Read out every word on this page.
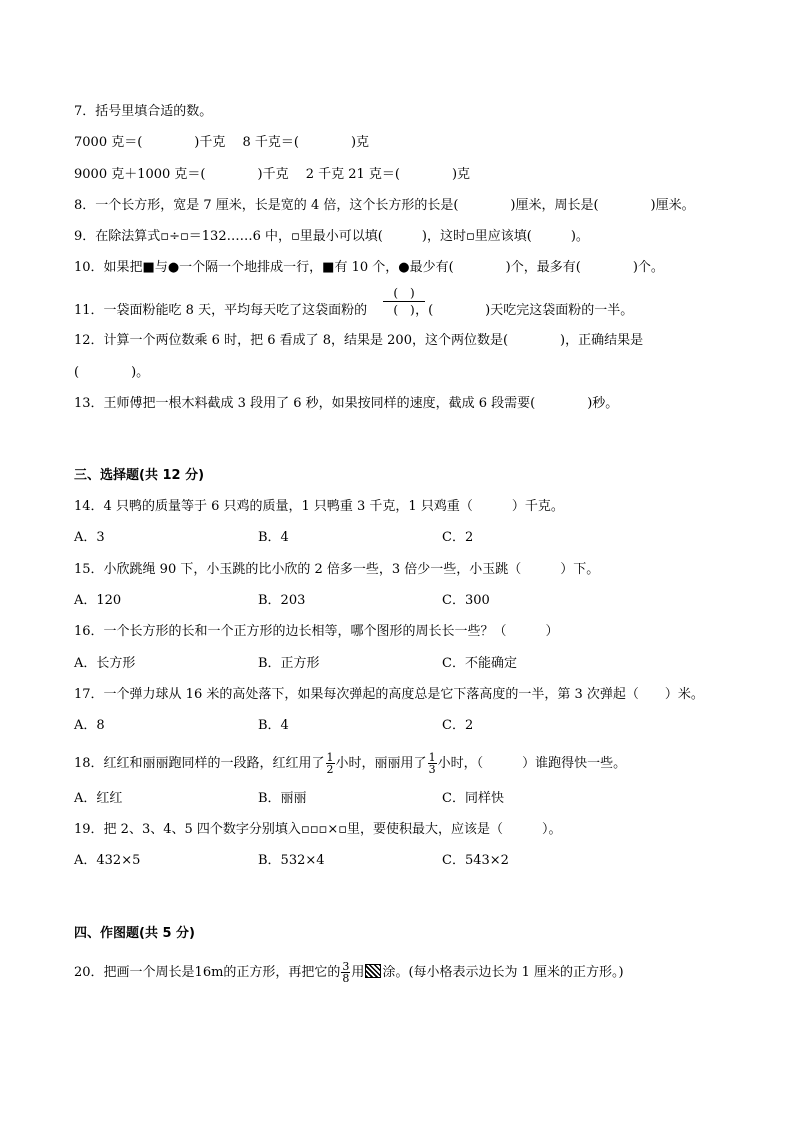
7．括号里填合适的数。
7000 克＝(　　　　)千克　 8 千克＝(　　　　)克
9000 克＋1000 克＝(　　　　)千克　 2 千克 21 克＝(　　　　)克
8．一个长方形，宽是 7 厘米，长是宽的 4 倍，这个长方形的长是(　　　　)厘米，周长是(　　　　)厘米。
9．在除法算式▫÷▫＝132……6 中，▫里最小可以填(　　　)，这时▫里应该填(　　　)。
10．如果把■与●一个隔一个地排成一行，■有 10 个，●最少有(　　　　)个，最多有(　　　　)个。
(　)
(　)
11．一袋面粉能吃 8 天，平均每天吃了这袋面粉的	，(　　　　)天吃完这袋面粉的一半。
12．计算一个两位数乘 6 时，把 6 看成了 8，结果是 200，这个两位数是(　　　　)，正确结果是
(　　　　)。
13．王师傅把一根木料截成 3 段用了 6 秒，如果按同样的速度，截成 6 段需要(　　　　)秒。
三、选择题(共 12 分)
14．4 只鸭的质量等于 6 只鸡的质量，1 只鸭重 3 千克，1 只鸡重（　　　）千克。
A．3	B．4	C．2
15．小欣跳绳 90 下，小玉跳的比小欣的 2 倍多一些，3 倍少一些，小玉跳（　　　）下。
A．120	B．203	C．300
16．一个长方形的长和一个正方形的边长相等，哪个图形的周长长一些？（　　　）
A．长方形	B．正方形	C．不能确定
17．一个弹力球从 16 米的高处落下，如果每次弹起的高度总是它下落高度的一半，第 3 次弹起（　　）米。
A．8	B．4	C．2
18．红红和丽丽跑同样的一段路，红红用了 $\frac{1}{2}$ 小时，丽丽用了 $\frac{1}{3}$ 小时，（　　　）谁跑得快一些。
A．红红	B．丽丽	C．同样快
19．把 2、3、4、5 四个数字分别填入▫▫▫×▫里，要使积最大，应该是（　　　）。
A．432×5	B．532×4	C．543×2
四、作图题(共 5 分)
20．把画一个周长是16m的正方形，再把它的 $\frac{3}{8}$ 用 涂。(每小格表示边长为 1 厘米的正方形。)
